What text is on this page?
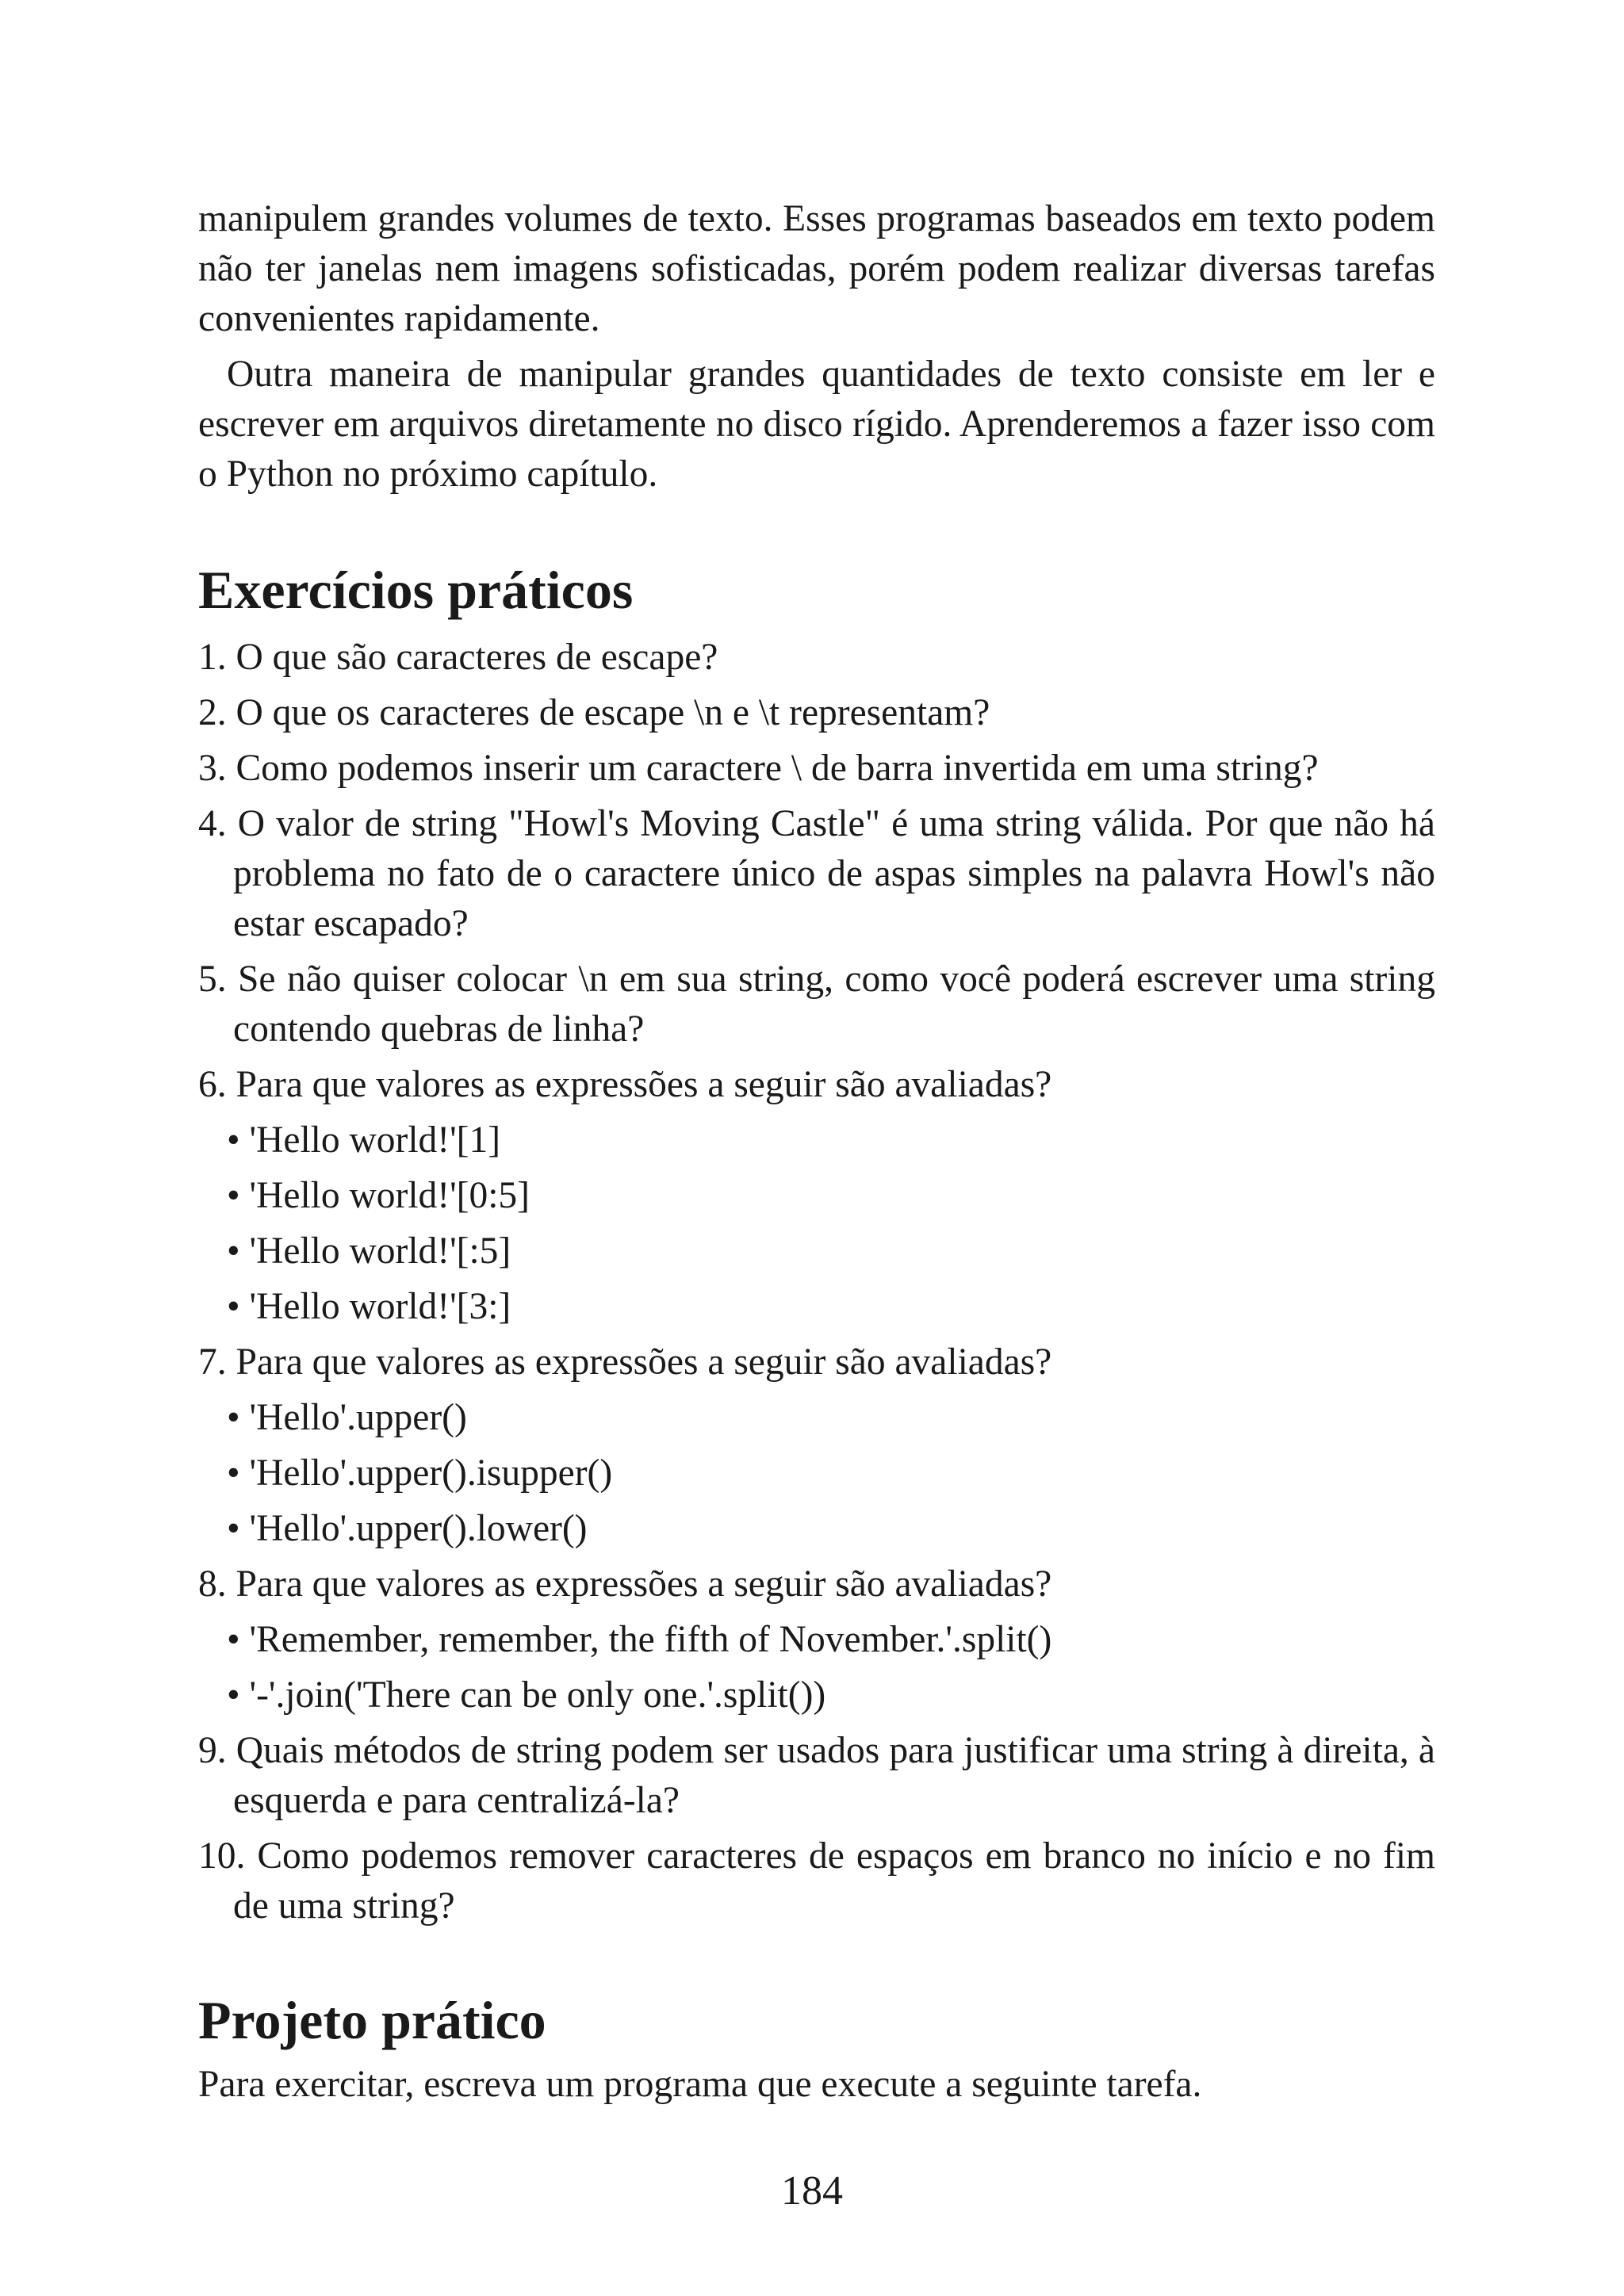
manipulem grandes volumes de texto. Esses programas baseados em texto podem não ter janelas nem imagens sofisticadas, porém podem realizar diversas tarefas convenientes rapidamente.

Outra maneira de manipular grandes quantidades de texto consiste em ler e escrever em arquivos diretamente no disco rígido. Aprenderemos a fazer isso com o Python no próximo capítulo.

Exercícios práticos

1. O que são caracteres de escape?

2. O que os caracteres de escape \n e \t representam?

3. Como podemos inserir um caractere \ de barra invertida em uma string?

4. O valor de string "Howl's Moving Castle" é uma string válida. Por que não há problema no fato de o caractere único de aspas simples na palavra Howl's não estar escapado?

5. Se não quiser colocar \n em sua string, como você poderá escrever uma string contendo quebras de linha?

6. Para que valores as expressões a seguir são avaliadas?

• 'Hello world!'[1]

• 'Hello world!'[0:5]

• 'Hello world!'[:5]

• 'Hello world!'[3:]

7. Para que valores as expressões a seguir são avaliadas?

• 'Hello'.upper()

• 'Hello'.upper().isupper()

• 'Hello'.upper().lower()

8. Para que valores as expressões a seguir são avaliadas?

• 'Remember, remember, the fifth of November.'.split()

• '-'.join('There can be only one.'.split())

9. Quais métodos de string podem ser usados para justificar uma string à direita, à esquerda e para centralizá-la?

10. Como podemos remover caracteres de espaços em branco no início e no fim de uma string?

Projeto prático

Para exercitar, escreva um programa que execute a seguinte tarefa.

184
